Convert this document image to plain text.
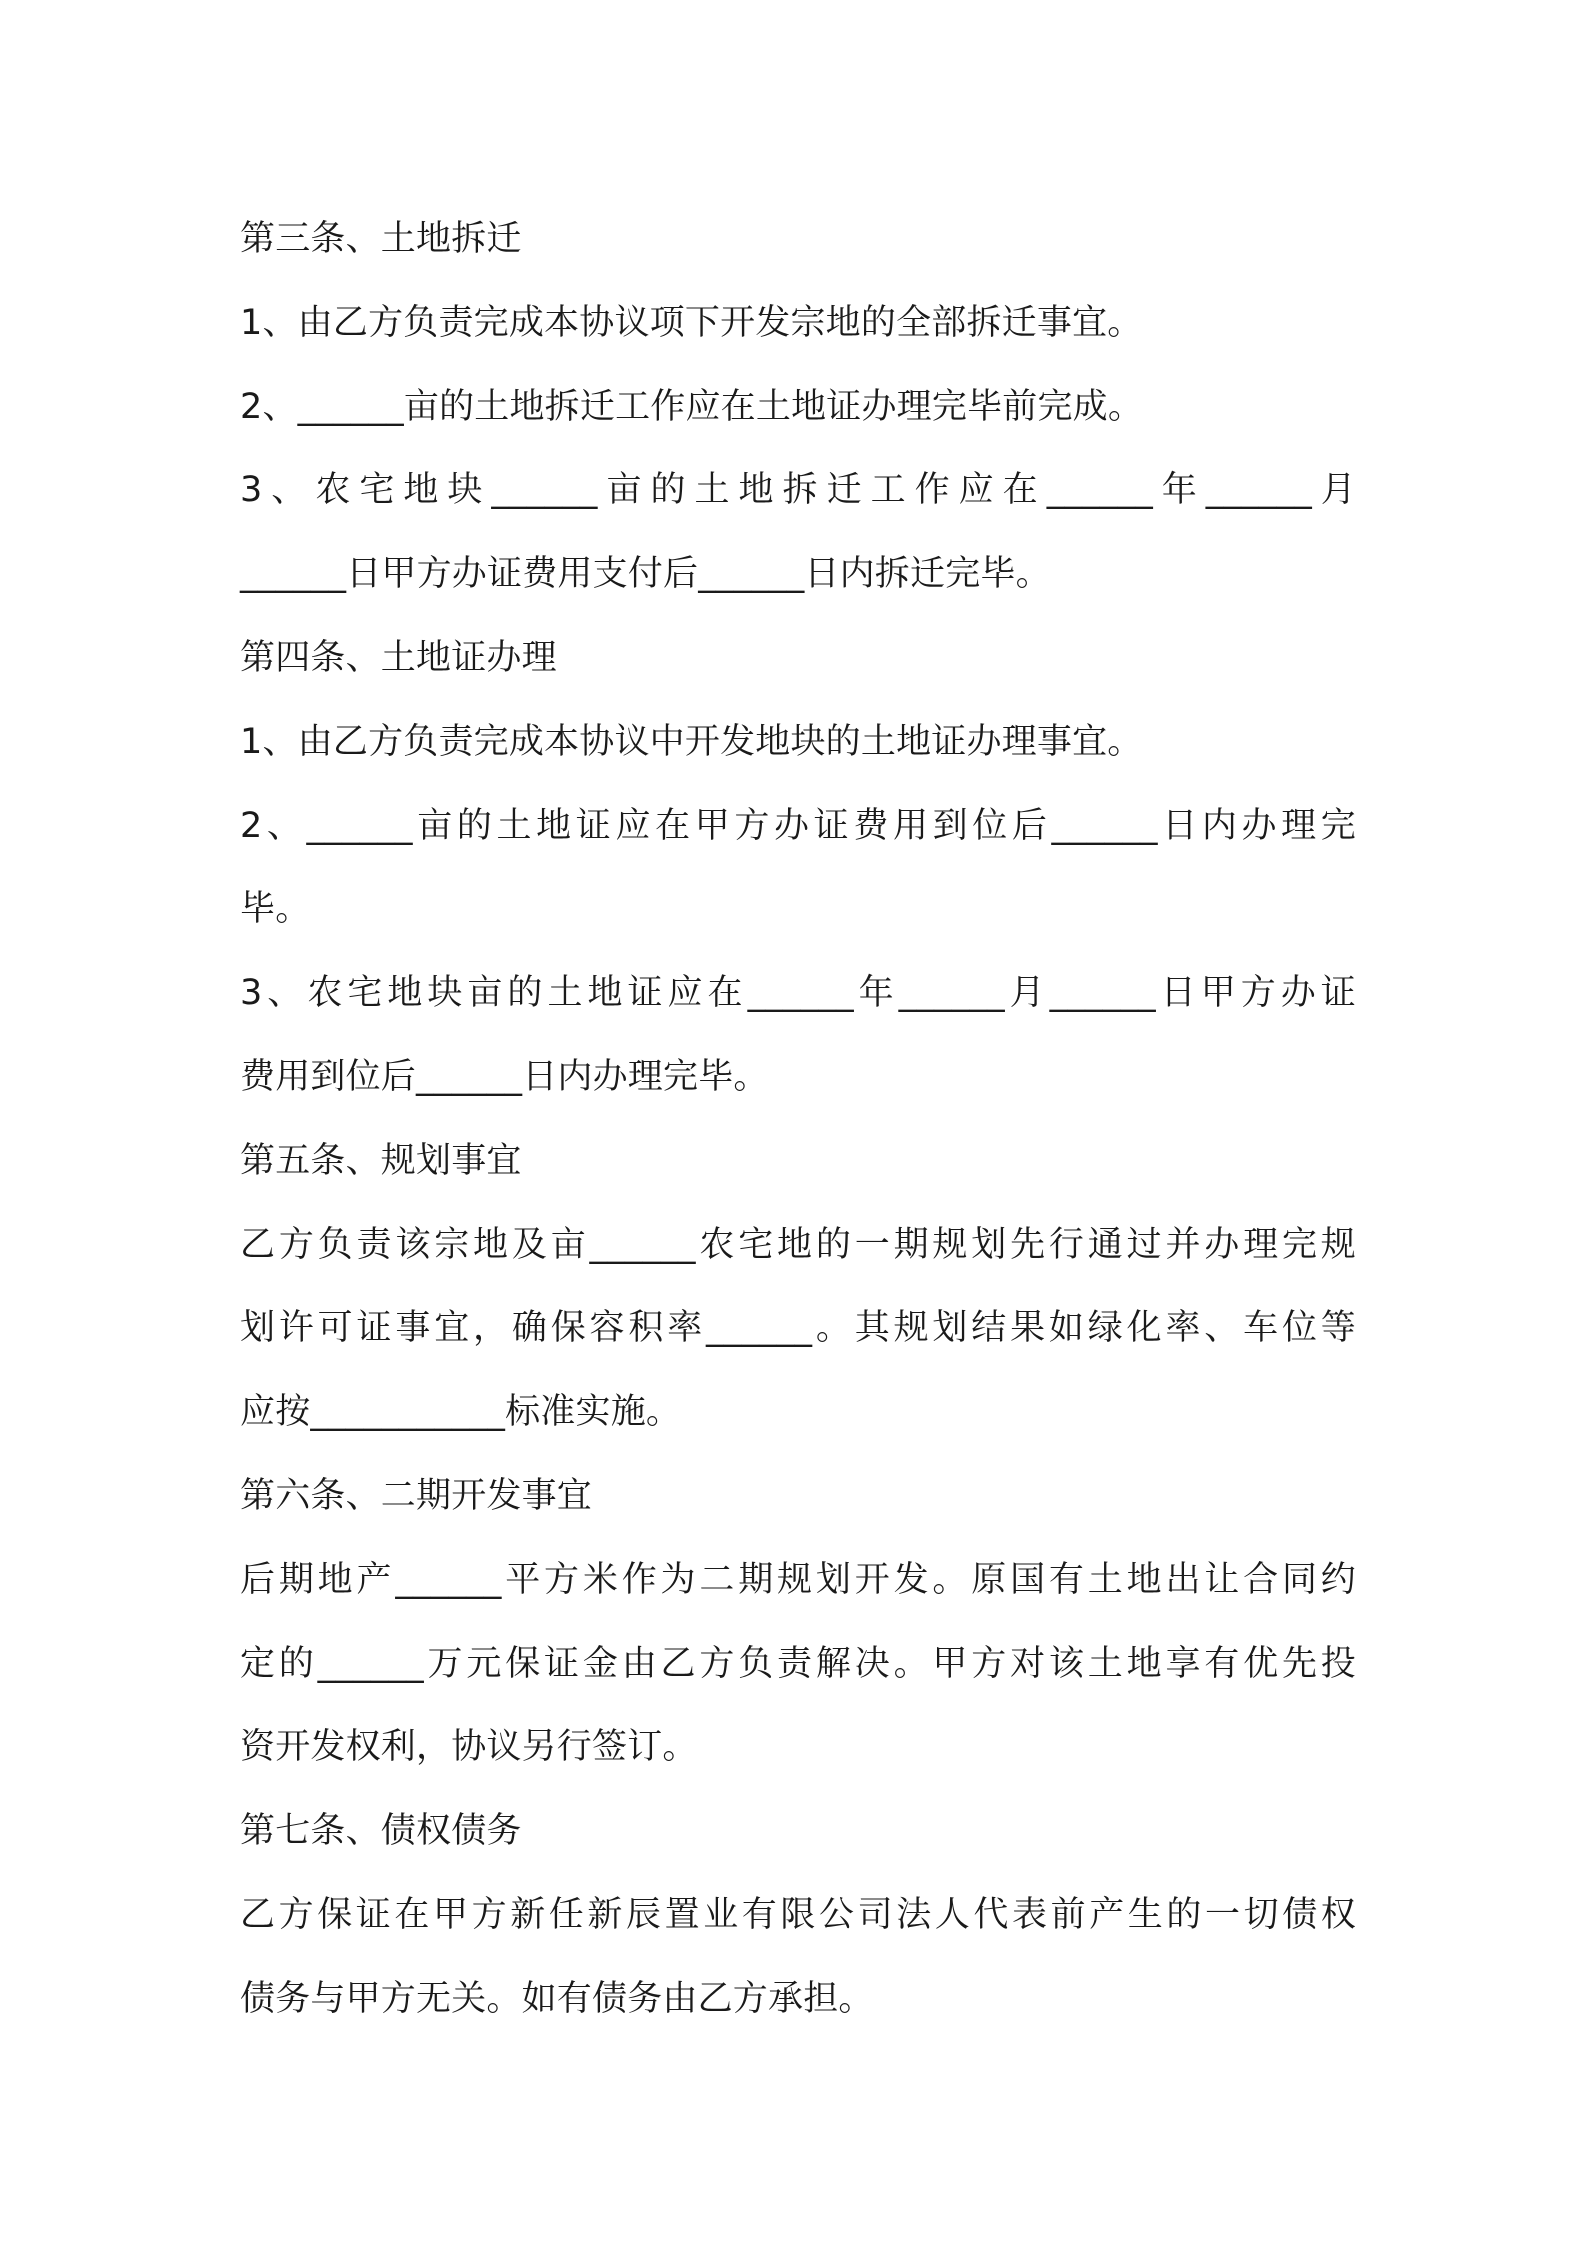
第三条、土地拆迁
1、由乙方负责完成本协议项下开发宗地的全部拆迁事宜。
2、______亩的土地拆迁工作应在土地证办理完毕前完成。
3、农宅地块______亩的土地拆迁工作应在______年______月
______日甲方办证费用支付后______日内拆迁完毕。
第四条、土地证办理
1、由乙方负责完成本协议中开发地块的土地证办理事宜。
2、______亩的土地证应在甲方办证费用到位后______日内办理完
毕。
3、农宅地块亩的土地证应在______年______月______日甲方办证
费用到位后______日内办理完毕。
第五条、规划事宜
乙方负责该宗地及亩______农宅地的一期规划先行通过并办理完规
划许可证事宜，确保容积率______。其规划结果如绿化率、车位等
应按___________标准实施。
第六条、二期开发事宜
后期地产______平方米作为二期规划开发。原国有土地出让合同约
定的______万元保证金由乙方负责解决。甲方对该土地享有优先投
资开发权利，协议另行签订。
第七条、债权债务
乙方保证在甲方新任新辰置业有限公司法人代表前产生的一切债权
债务与甲方无关。如有债务由乙方承担。
